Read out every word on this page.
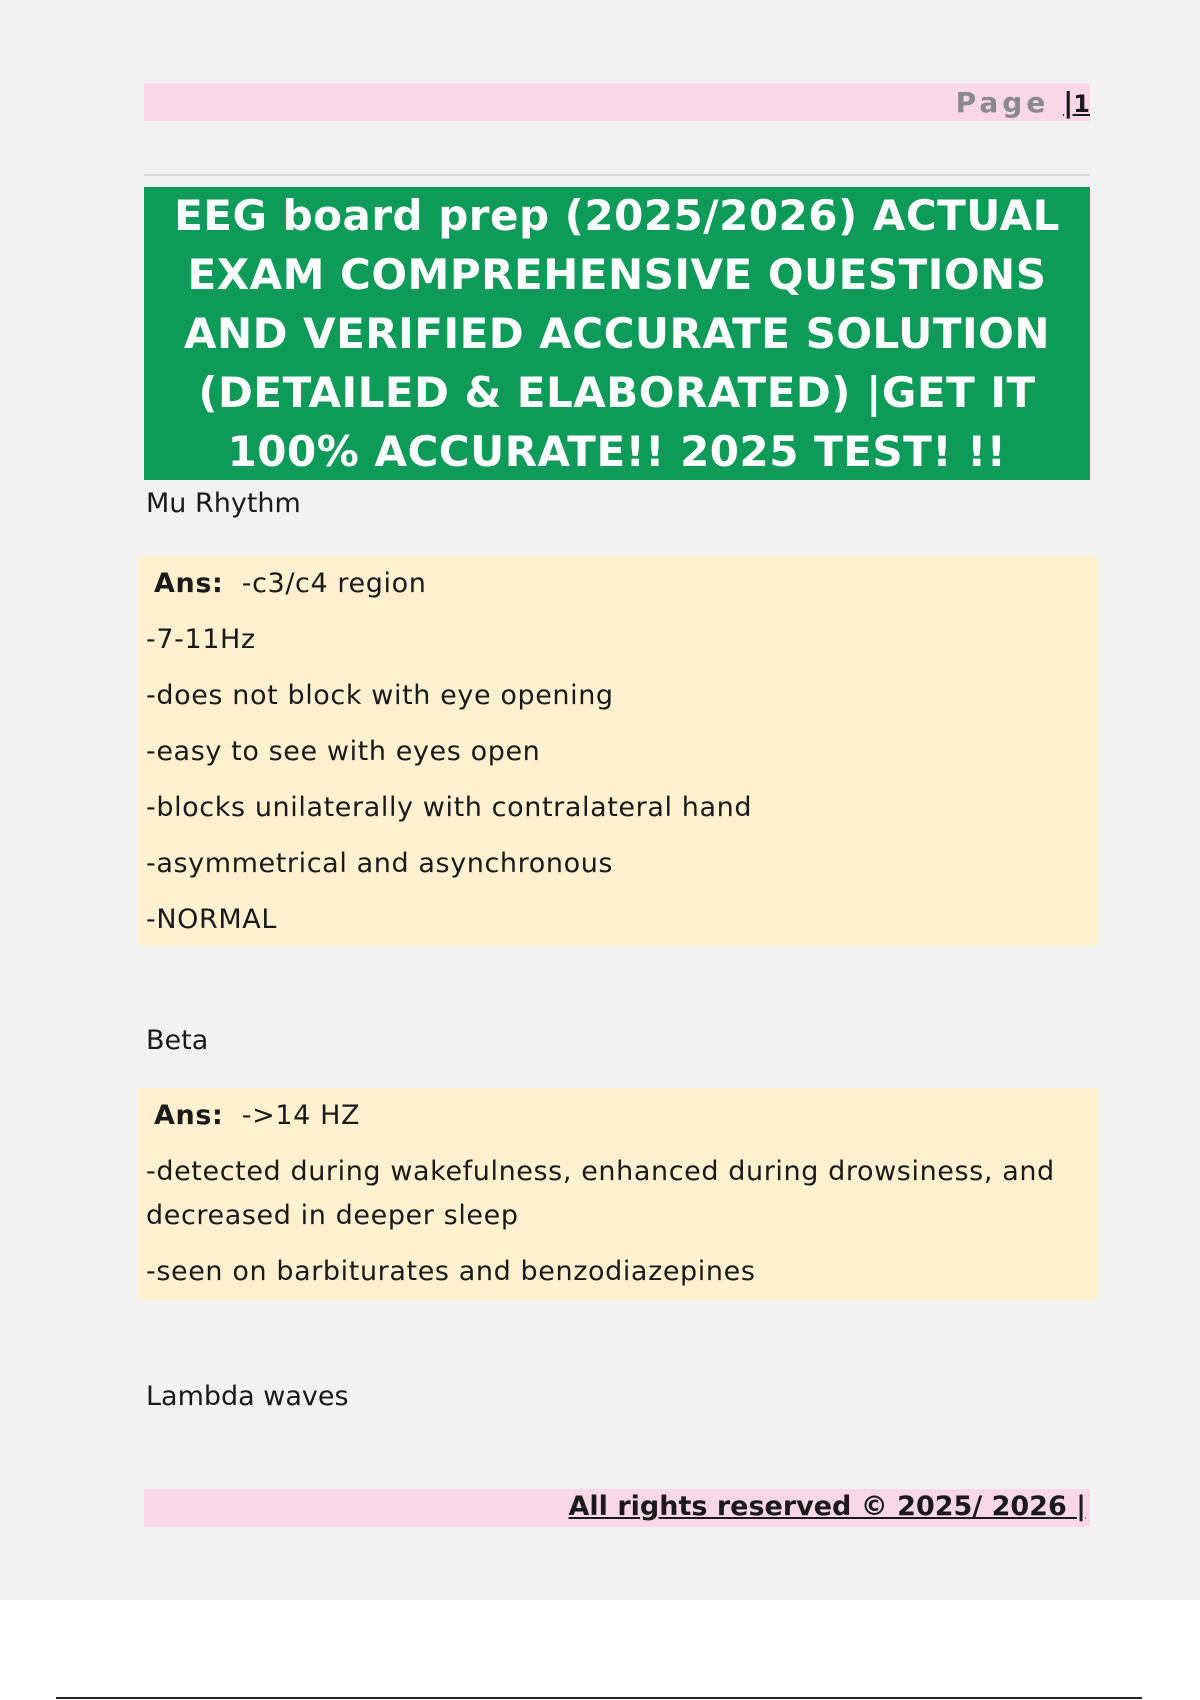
Page |1
EEG board prep (2025/2026) ACTUAL EXAM COMPREHENSIVE QUESTIONS AND VERIFIED ACCURATE SOLUTION (DETAILED & ELABORATED) |GET IT 100% ACCURATE!! 2025 TEST! !!
Mu Rhythm
Ans: -c3/c4 region
-7-11Hz
-does not block with eye opening
-easy to see with eyes open
-blocks unilaterally with contralateral hand
-asymmetrical and asynchronous
-NORMAL
Beta
Ans: ->14 HZ
-detected during wakefulness, enhanced during drowsiness, and decreased in deeper sleep
-seen on barbiturates and benzodiazepines
Lambda waves
All rights reserved © 2025/ 2026 |
